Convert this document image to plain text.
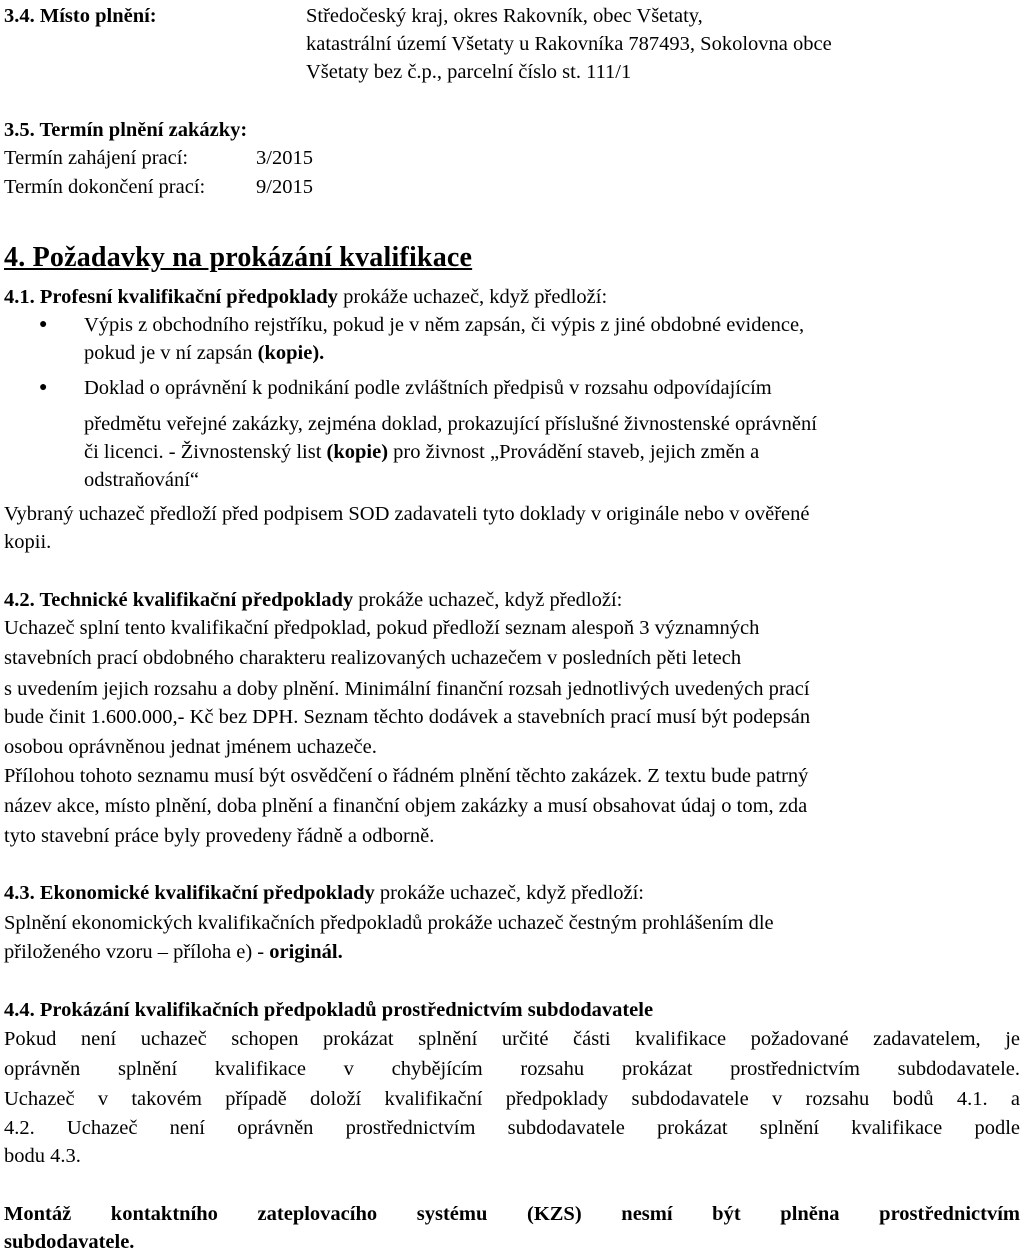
3.4. Místo plnění:	Středočeský kraj, okres Rakovník, obec Všetaty,
katastrální území Všetaty u Rakovníka 787493, Sokolovna obce
Všetaty bez č.p., parcelní číslo st. 111/1
3.5. Termín plnění zakázky:
Termín zahájení prací:	3/2015
Termín dokončení prací: 9/2015
4. Požadavky na prokázání kvalifikace
4.1. Profesní kvalifikační předpoklady prokáže uchazeč, když předloží:
● Výpis z obchodního rejstříku, pokud je v něm zapsán, či výpis z jiné obdobné evidence,
pokud je v ní zapsán (kopie).
● Doklad o oprávnění k podnikání podle zvláštních předpisů v rozsahu odpovídajícím
předmětu veřejné zakázky, zejména doklad, prokazující příslušné živnostenské oprávnění
či licenci. - Živnostenský list (kopie) pro živnost „Provádění staveb, jejich změn a
odstraňování“
Vybraný uchazeč předloží před podpisem SOD zadavateli tyto doklady v originále nebo v ověřené
kopii.
4.2. Technické kvalifikační předpoklady prokáže uchazeč, když předloží:
Uchazeč splní tento kvalifikační předpoklad, pokud předloží seznam alespoň 3 významných
stavebních prací obdobného charakteru realizovaných uchazečem v posledních pěti letech
s uvedením jejich rozsahu a doby plnění. Minimální finanční rozsah jednotlivých uvedených prací
bude činit 1.600.000,- Kč bez DPH. Seznam těchto dodávek a stavebních prací musí být podepsán
osobou oprávněnou jednat jménem uchazeče.
Přílohou tohoto seznamu musí být osvědčení o řádném plnění těchto zakázek. Z textu bude patrný
název akce, místo plnění, doba plnění a finanční objem zakázky a musí obsahovat údaj o tom, zda
tyto stavební práce byly provedeny řádně a odborně.
4.3. Ekonomické kvalifikační předpoklady prokáže uchazeč, když předloží:
Splnění ekonomických kvalifikačních předpokladů prokáže uchazeč čestným prohlášením dle
přiloženého vzoru – příloha e) - originál.
4.4. Prokázání kvalifikačních předpokladů prostřednictvím subdodavatele
Pokud není uchazeč schopen prokázat splnění určité části kvalifikace požadované zadavatelem, je
oprávněn splnění kvalifikace v chybějícím rozsahu prokázat prostřednictvím subdodavatele.
Uchazeč v takovém případě doloží kvalifikační předpoklady subdodavatele v rozsahu bodů 4.1. a
4.2. Uchazeč není oprávněn prostřednictvím subdodavatele prokázat splnění kvalifikace podle
bodu 4.3.
Montáž kontaktního zateplovacího systému (KZS) nesmí být plněna prostřednictvím
subdodavatele.
